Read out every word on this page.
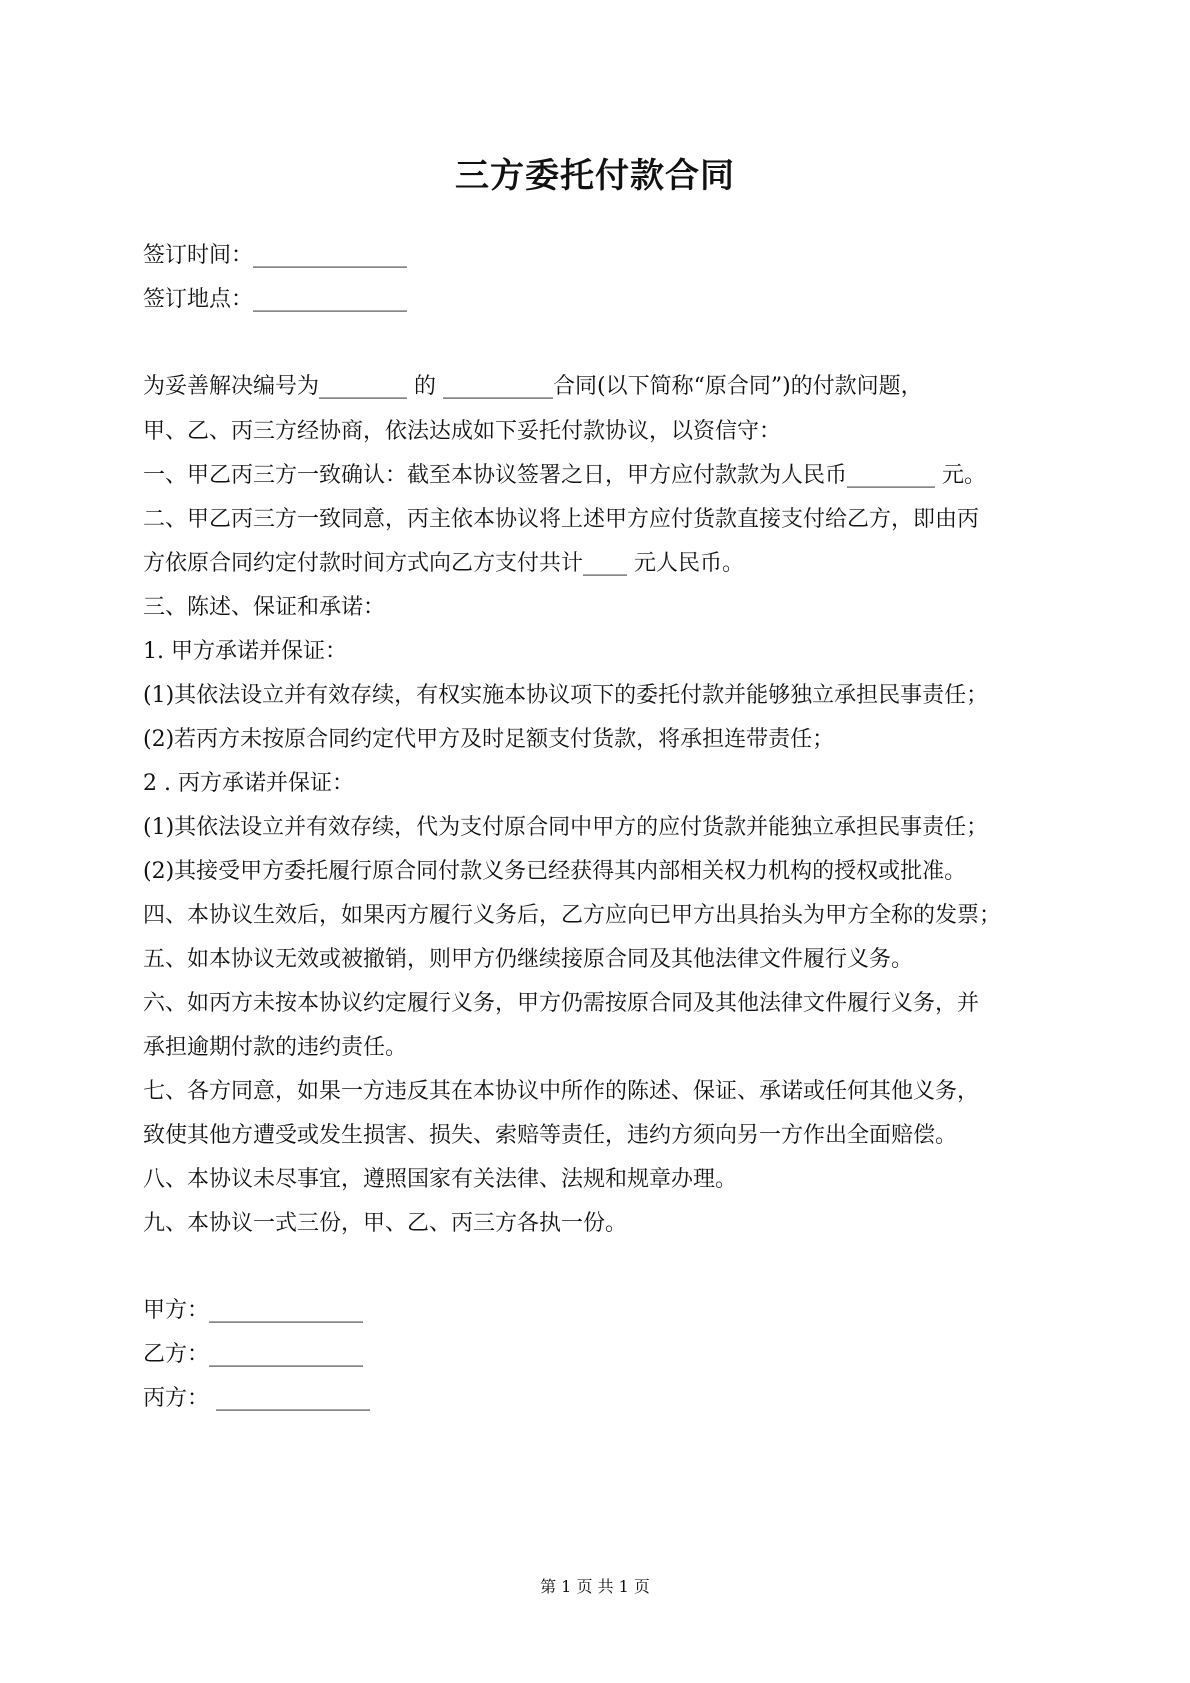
三方委托付款合同
签订时间：______________
签订地点：______________
为妥善解决编号为________ 的 __________合同(以下简称“原合同”)的付款问题，
甲、乙、丙三方经协商，依法达成如下妥托付款协议，以资信守：
一、甲乙丙三方一致确认：截至本协议签署之日，甲方应付款款为人民币________ 元。
二、甲乙丙三方一致同意，丙主依本协议将上述甲方应付货款直接支付给乙方，即由丙
方依原合同约定付款时间方式向乙方支付共计____ 元人民币。
三、陈述、保证和承诺：
1. 甲方承诺并保证：
(1)其依法设立并有效存续，有权实施本协议项下的委托付款并能够独立承担民事责任；
(2)若丙方未按原合同约定代甲方及时足额支付货款，将承担连带责任；
2 . 丙方承诺并保证：
(1)其依法设立并有效存续，代为支付原合同中甲方的应付货款并能独立承担民事责任；
(2)其接受甲方委托履行原合同付款义务已经获得其内部相关权力机构的授权或批准。
四、本协议生效后，如果丙方履行义务后，乙方应向已甲方出具抬头为甲方全称的发票；
五、如本协议无效或被撤销，则甲方仍继续接原合同及其他法律文件履行义务。
六、如丙方未按本协议约定履行义务，甲方仍需按原合同及其他法律文件履行义务，并
承担逾期付款的违约责任。
七、各方同意，如果一方违反其在本协议中所作的陈述、保证、承诺或任何其他义务，
致使其他方遭受或发生损害、损失、索赔等责任，违约方须向另一方作出全面赔偿。
八、本协议未尽事宜，遵照国家有关法律、法规和规章办理。
九、本协议一式三份，甲、乙、丙三方各执一份。
甲方：______________
乙方：______________
丙方： ______________
第 1 页 共 1 页
